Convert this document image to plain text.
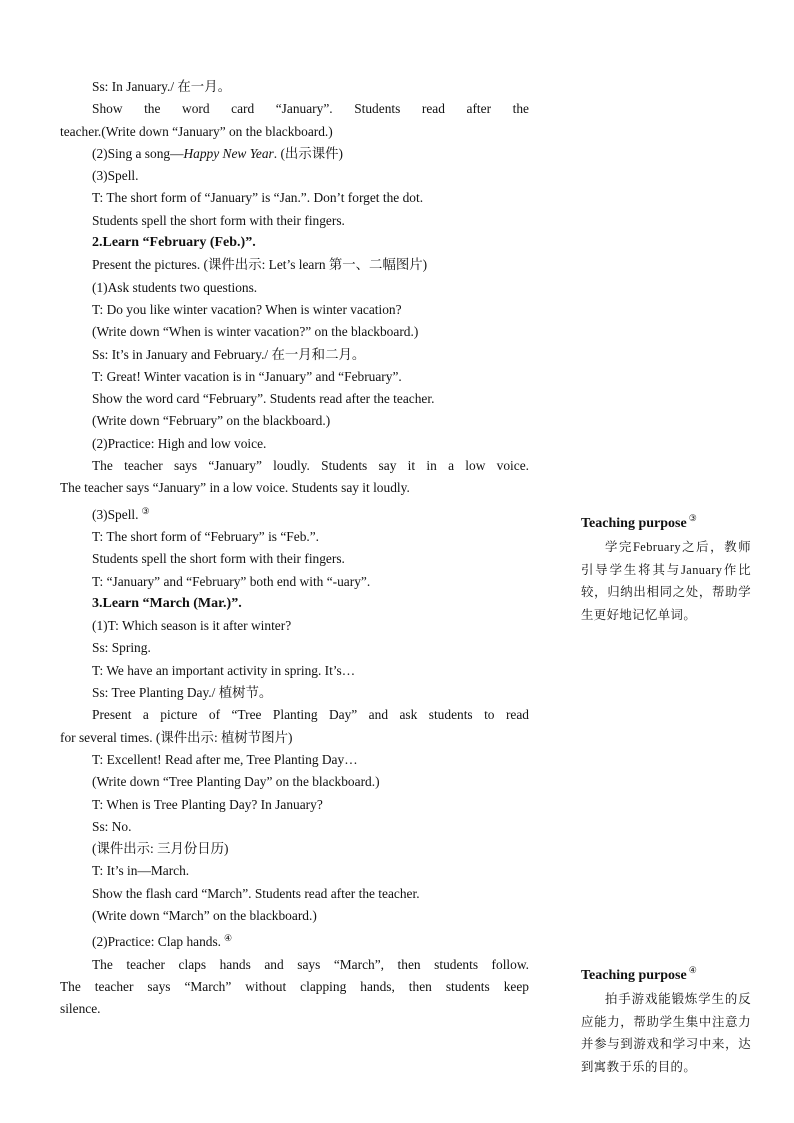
Ss: In January./ 在一月。

Show the word card “January”. Students read after the

teacher.(Write down “January” on the blackboard.)

(2)Sing a song—Happy New Year. (出示课件)

(3)Spell.

T: The short form of “January” is “Jan.”. Don’t forget the dot.

Students spell the short form with their fingers.

2.Learn “February (Feb.)”.

Present the pictures. (课件出示: Let’s learn 第一、二幅图片)

(1)Ask students two questions.

T: Do you like winter vacation? When is winter vacation?

(Write down “When is winter vacation?” on the blackboard.)

Ss: It’s in January and February./ 在一月和二月。

T: Great! Winter vacation is in “January” and “February”.

Show the word card “February”. Students read after the teacher.

(Write down “February” on the blackboard.)

(2)Practice: High and low voice.

The teacher says “January” loudly. Students say it in a low voice.

The teacher says “January” in a low voice. Students say it loudly.

(3)Spell. ③

T: The short form of “February” is “Feb.”.

Students spell the short form with their fingers.

T: “January” and “February” both end with “-uary”.

3.Learn “March (Mar.)”.

(1)T: Which season is it after winter?

Ss: Spring.

T: We have an important activity in spring. It’s…

Ss: Tree Planting Day./ 植树节。

Present a picture of “Tree Planting Day” and ask students to read

for several times. (课件出示: 植树节图片)

T: Excellent! Read after me, Tree Planting Day…

(Write down “Tree Planting Day” on the blackboard.)

T: When is Tree Planting Day? In January?

Ss: No.

(课件出示: 三月份日历)

T: It’s in—March.

Show the flash card “March”. Students read after the teacher.

(Write down “March” on the blackboard.)

(2)Practice: Clap hands. ④

The teacher claps hands and says “March”, then students follow.

The teacher says “March” without clapping hands, then students keep

silence.

Teaching purpose ③

学完February之后，教师引导学生将其与January作比较，归纳出相同之处，帮助学生更好地记忆单词。

Teaching purpose ④

拍手游戏能锻炼学生的反应能力，帮助学生集中注意力并参与到游戏和学习中来，达到寓教于乐的目的。
